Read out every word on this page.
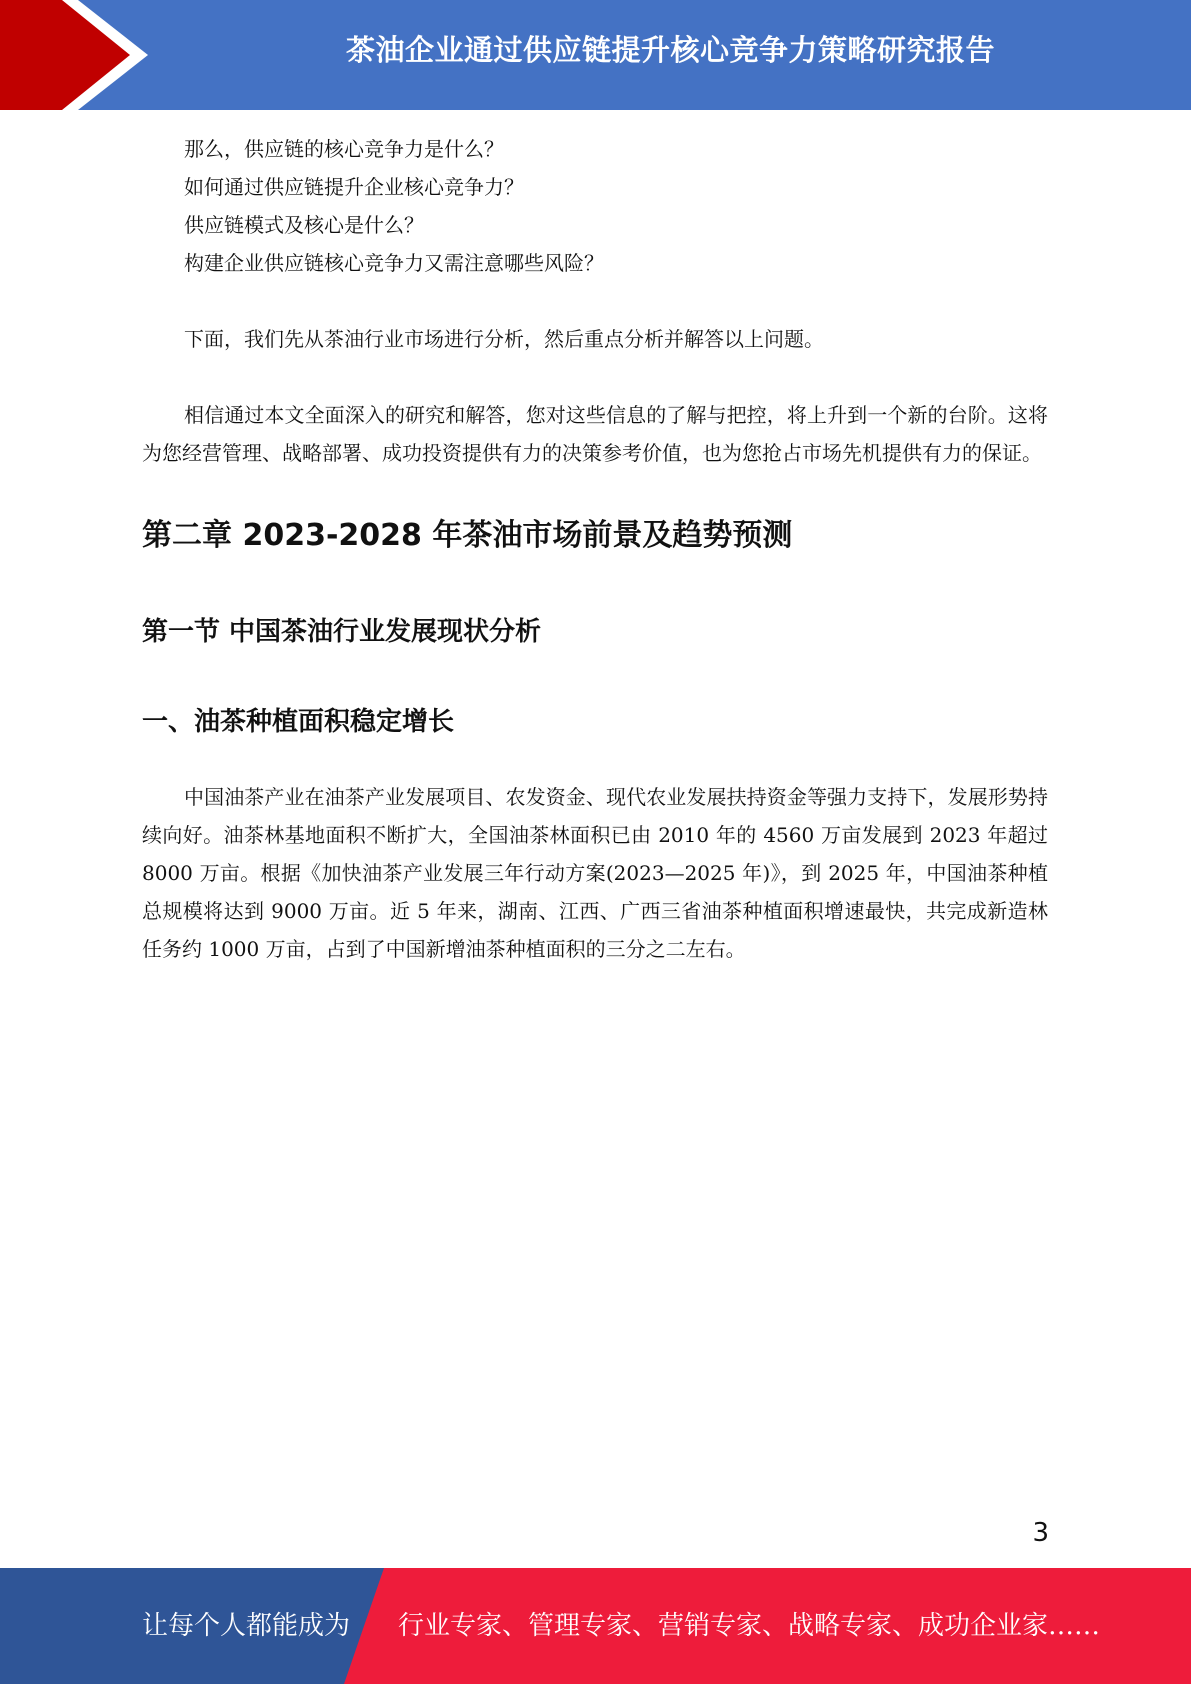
茶油企业通过供应链提升核心竞争力策略研究报告

那么，供应链的核心竞争力是什么？

如何通过供应链提升企业核心竞争力？

供应链模式及核心是什么？

构建企业供应链核心竞争力又需注意哪些风险？

下面，我们先从茶油行业市场进行分析，然后重点分析并解答以上问题。

相信通过本文全面深入的研究和解答，您对这些信息的了解与把控，将上升到一个新的台阶。这将为您经营管理、战略部署、成功投资提供有力的决策参考价值，也为您抢占市场先机提供有力的保证。

第二章 2023-2028 年茶油市场前景及趋势预测
第一节 中国茶油行业发展现状分析
一、油茶种植面积稳定增长

中国油茶产业在油茶产业发展项目、农发资金、现代农业发展扶持资金等强力支持下，发展形势持续向好。油茶林基地面积不断扩大，全国油茶林面积已由 2010 年的 4560 万亩发展到 2023 年超过 8000 万亩。根据《加快油茶产业发展三年行动方案(2023—2025 年)》，到 2025 年，中国油茶种植总规模将达到 9000 万亩。近 5 年来，湖南、江西、广西三省油茶种植面积增速最快，共完成新造林任务约 1000 万亩，占到了中国新增油茶种植面积的三分之二左右。

3
让每个人都能成为 行业专家、管理专家、营销专家、战略专家、成功企业家……
